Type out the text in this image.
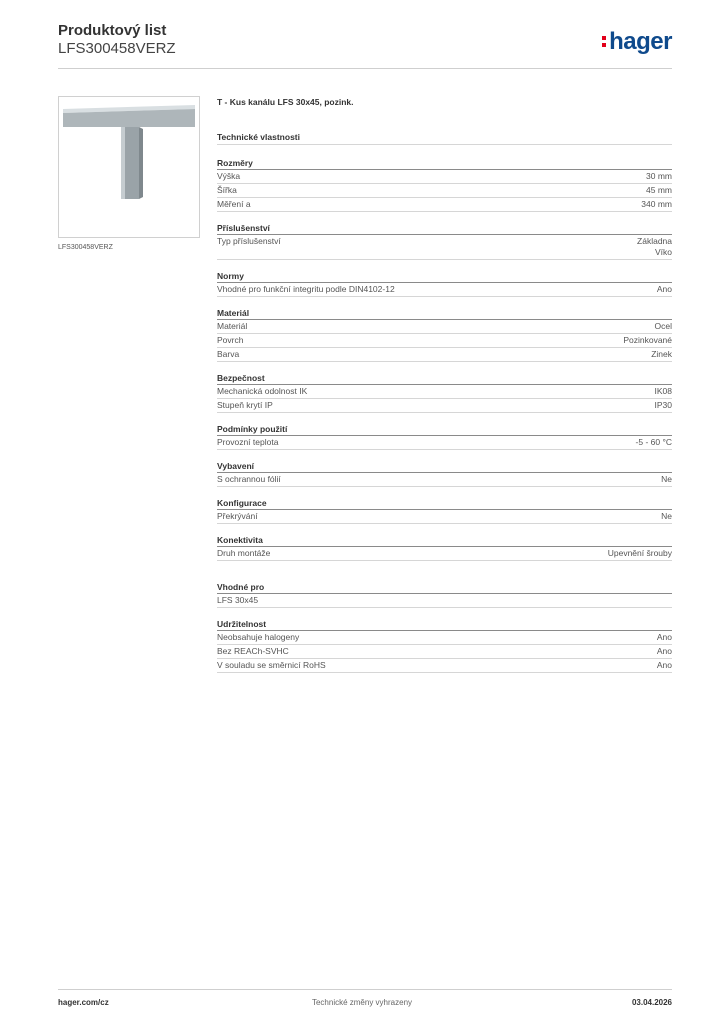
Produktový list
LFS300458VERZ	hager
LFS300458VERZ
T - Kus kanálu LFS 30x45, pozink.
Technické vlastnosti
Rozměry
Výška	30 mm
Šířka	45 mm
Měření a	340 mm
Příslušenství
Typ příslušenství	Základna
Víko
Normy
Vhodné pro funkční integritu podle DIN4102-12	Ano
Materiál
Materiál	Ocel
Povrch	Pozinkované
Barva	Zinek
Bezpečnost
Mechanická odolnost IK	IK08
Stupeň krytí IP	IP30
Podmínky použití
Provozní teplota	-5 - 60 °C
Vybavení
S ochrannou fólií	Ne
Konfigurace
Překrývání	Ne
Konektivita
Druh montáže	Upevnění šrouby
Vhodné pro
LFS 30x45
Udržitelnost
Neobsahuje halogeny	Ano
Bez REACh-SVHC	Ano
V souladu se směrnicí RoHS	Ano
hager.com/cz	Technické změny vyhrazeny	03.04.2026
